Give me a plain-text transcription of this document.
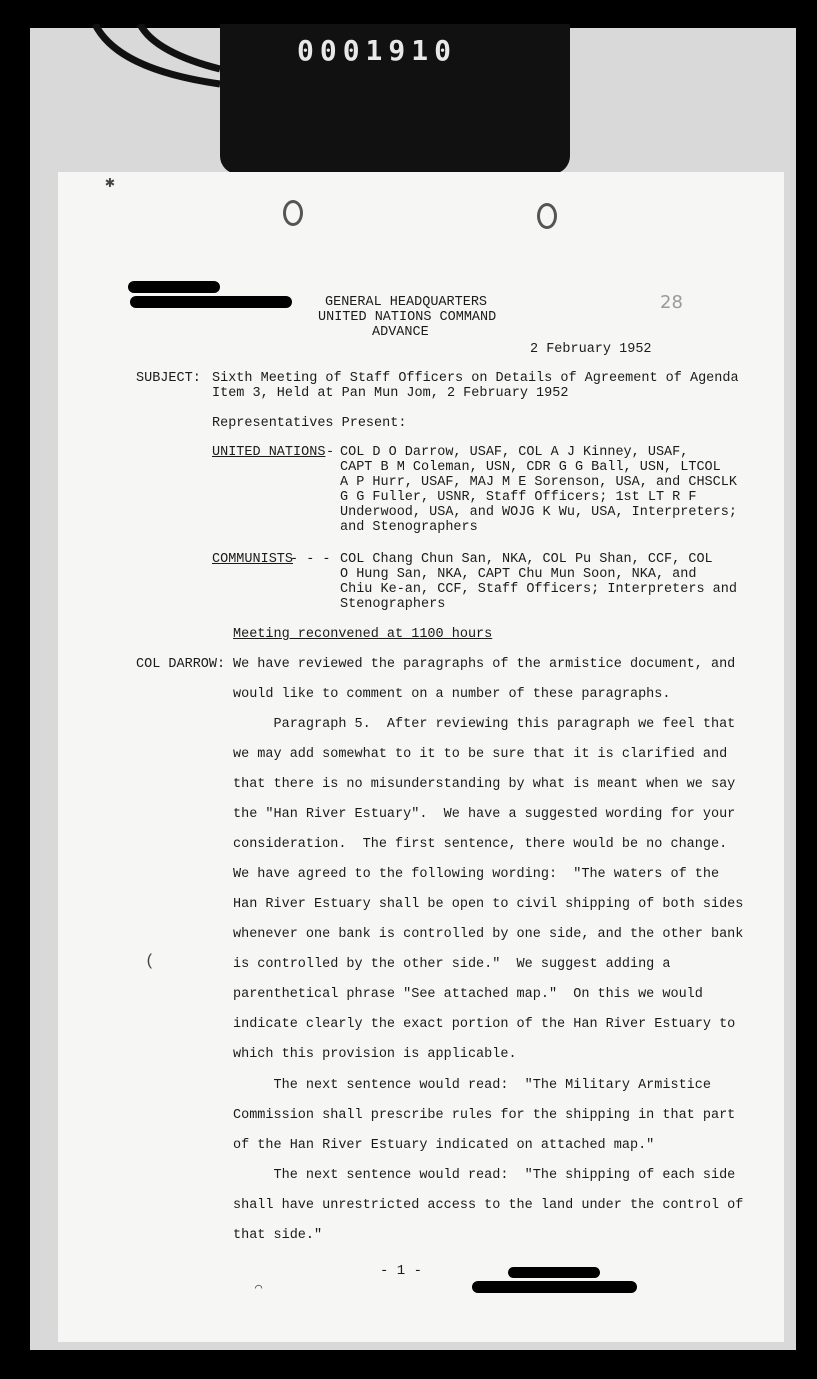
0001910
✱
28
GENERAL HEADQUARTERS
UNITED NATIONS COMMAND
ADVANCE
2 February 1952
SUBJECT: Sixth Meeting of Staff Officers on Details of Agreement of Agenda
Item 3, Held at Pan Mun Jom, 2 February 1952
Representatives Present:
UNITED NATIONS - COL D O Darrow, USAF, COL A J Kinney, USAF,
CAPT B M Coleman, USN, CDR G G Ball, USN, LTCOL
A P Hurr, USAF, MAJ M E Sorenson, USA, and CHSCLK
G G Fuller, USNR, Staff Officers; 1st LT R F
Underwood, USA, and WOJG K Wu, USA, Interpreters;
and Stenographers
COMMUNISTS
- - - COL Chang Chun San, NKA, COL Pu Shan, CCF, COL
O Hung San, NKA, CAPT Chu Mun Soon, NKA, and
Chiu Ke-an, CCF, Staff Officers; Interpreters and
Stenographers
Meeting reconvened at 1100 hours
COL DARROW: We have reviewed the paragraphs of the armistice document, and
would like to comment on a number of these paragraphs.
Paragraph 5.  After reviewing this paragraph we feel that
we may add somewhat to it to be sure that it is clarified and
that there is no misunderstanding by what is meant when we say
the "Han River Estuary".  We have a suggested wording for your
consideration.  The first sentence, there would be no change.
We have agreed to the following wording:  "The waters of the
Han River Estuary shall be open to civil shipping of both sides
whenever one bank is controlled by one side, and the other bank
is controlled by the other side."  We suggest adding a
parenthetical phrase "See attached map."  On this we would
indicate clearly the exact portion of the Han River Estuary to
which this provision is applicable.
The next sentence would read:  "The Military Armistice
Commission shall prescribe rules for the shipping in that part
of the Han River Estuary indicated on attached map."
The next sentence would read:  "The shipping of each side
shall have unrestricted access to the land under the control of
that side."
(
⌒
- 1 -
